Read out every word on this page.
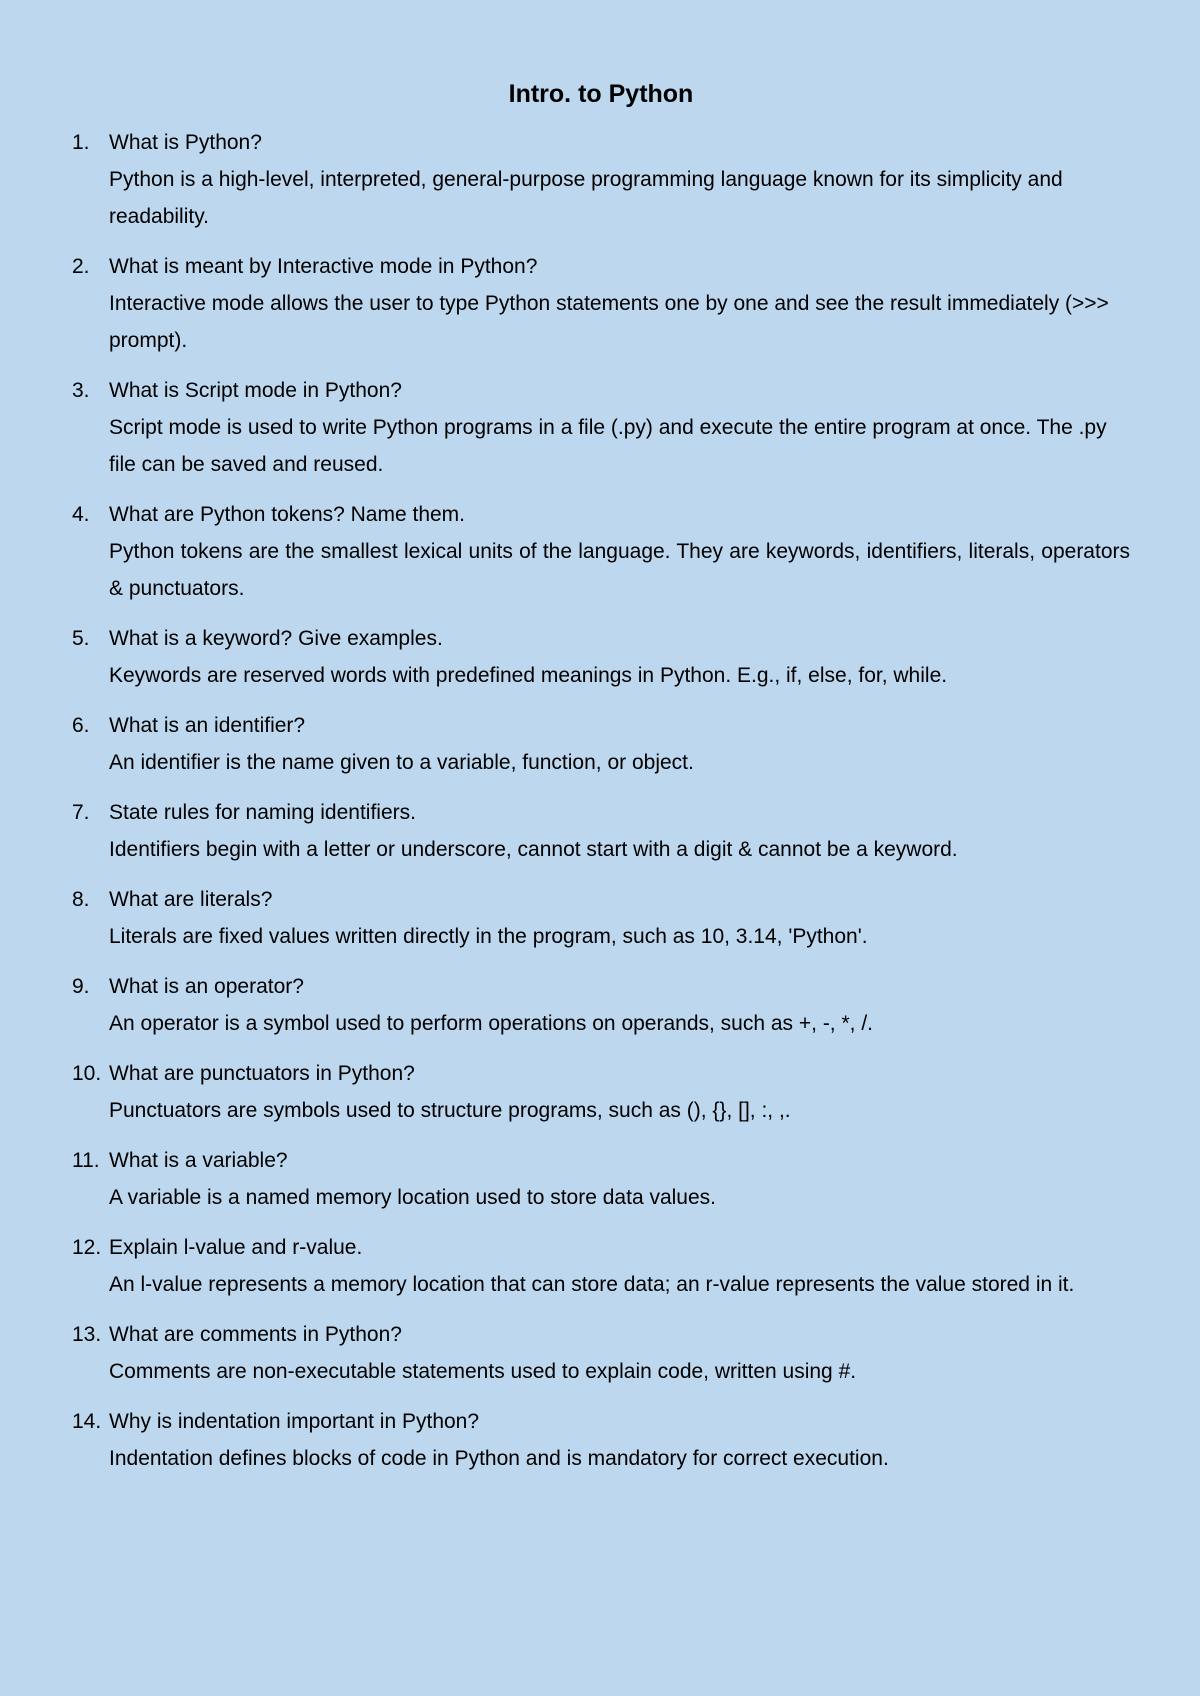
Intro. to Python
1. What is Python?
Python is a high-level, interpreted, general-purpose programming language known for its simplicity and readability.
2. What is meant by Interactive mode in Python?
Interactive mode allows the user to type Python statements one by one and see the result immediately (>>> prompt).
3. What is Script mode in Python?
Script mode is used to write Python programs in a file (.py) and execute the entire program at once. The .py file can be saved and reused.
4. What are Python tokens? Name them.
Python tokens are the smallest lexical units of the language. They are keywords, identifiers, literals, operators & punctuators.
5. What is a keyword? Give examples.
Keywords are reserved words with predefined meanings in Python. E.g., if, else, for, while.
6. What is an identifier?
An identifier is the name given to a variable, function, or object.
7. State rules for naming identifiers.
Identifiers begin with a letter or underscore, cannot start with a digit & cannot be a keyword.
8. What are literals?
Literals are fixed values written directly in the program, such as 10, 3.14, 'Python'.
9. What is an operator?
An operator is a symbol used to perform operations on operands, such as +, -, *, /.
10. What are punctuators in Python?
Punctuators are symbols used to structure programs, such as (), {}, [], :, ,.
11. What is a variable?
A variable is a named memory location used to store data values.
12. Explain l-value and r-value.
An l-value represents a memory location that can store data; an r-value represents the value stored in it.
13. What are comments in Python?
Comments are non-executable statements used to explain code, written using #.
14. Why is indentation important in Python?
Indentation defines blocks of code in Python and is mandatory for correct execution.
